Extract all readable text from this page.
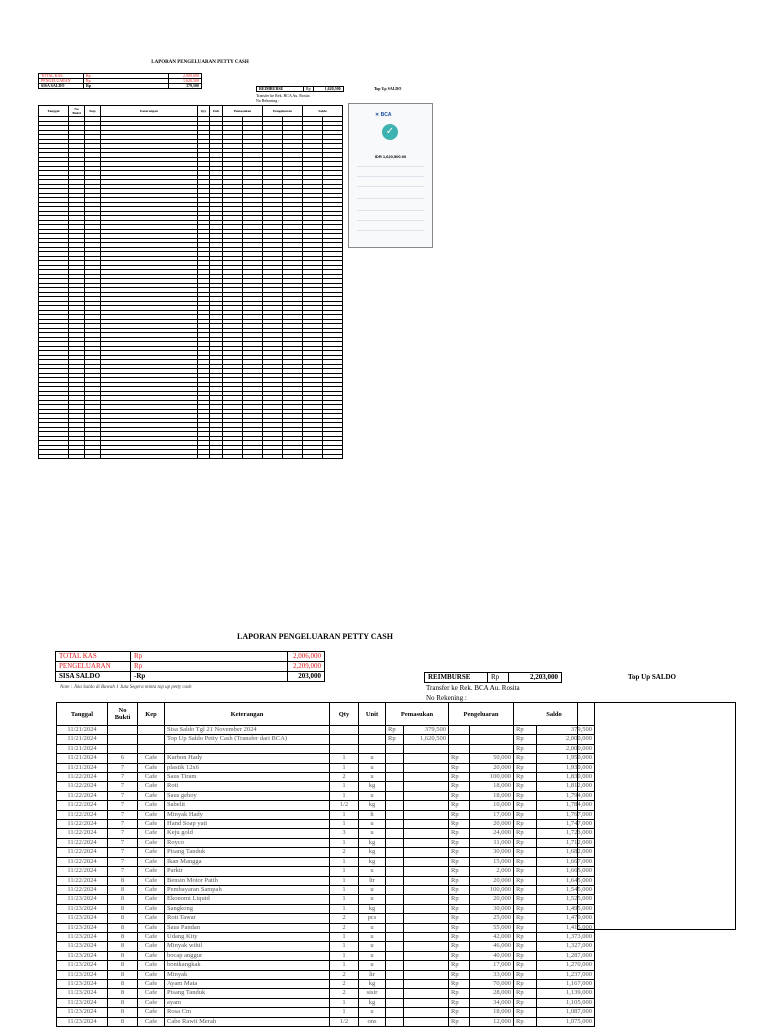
LAPORAN PENGELUARAN PETTY CASH
TOTAL KAS	Rp	2,000,000
PENGELUARAN	Rp	1,620,500
SISA SALDO	Rp	379,500
REIMBURSE	Rp	1,620,500	Top Up SALDO
Transfer ke Rek. BCA Au. Rosita
No Rekening :
Tanggal	No Bukti	Kep	Keterangan	Qty	Unit	Pemasukan		Pengeluaran		Saldo	

✕ BCA
✓
IDR 1,620,500.00
LAPORAN PENGELUARAN PETTY CASH
TOTAL KAS	Rp	2,006,000
PENGELUARAN	Rp	2,209,000
SISA SALDO	-Rp	203,000
Note : Jika Saldo di Bawah 1 Juta Segera minta top up petty cash
REIMBURSE	Rp	2,203,000	Top Up SALDO
Transfer ke Rek. BCA Au. Rosita
No Rekening :
Tanggal	No Bukti	Kep	Keterangan	Qty	Unit	Pemasukan		Pengeluaran		Saldo	
11/21/2024			Sisa Saldo Tgl 21 November 2024			Rp	379,500			Rp	379,500
11/21/2024			Top Up Saldo Petty Cash (Transfer dari BCA)			Rp	1,620,500			Rp	2,000,000
11/21/2024										Rp	2,000,000
11/21/2024	6	Cafe	Karbon Hady	1	u			Rp	50,000	Rp	1,950,000
11/21/2024	7	Cafe	plastik 12x6	1	u			Rp	20,000	Rp	1,930,000
11/22/2024	7	Cafe	Saus Tiram	2	u			Rp	100,000	Rp	1,830,000
11/22/2024	7	Cafe	Roti	1	kg			Rp	18,000	Rp	1,812,000
11/22/2024	7	Cafe	Saus gehoy	1	u			Rp	18,000	Rp	1,794,000
11/22/2024	7	Cafe	Sabelit	1/2	kg			Rp	10,000	Rp	1,784,000
11/22/2024	7	Cafe	Minyak Hady	1	lt			Rp	17,000	Rp	1,767,000
11/22/2024	7	Cafe	Hand Soap yati	1	u			Rp	20,000	Rp	1,747,000
11/22/2024	7	Cafe	Keju gold	3	u			Rp	24,000	Rp	1,723,000
11/22/2024	7	Cafe	Royco	1	kg			Rp	11,000	Rp	1,712,000
11/22/2024	7	Cafe	Pisang Tanduk	2	kg			Rp	30,000	Rp	1,682,000
11/22/2024	7	Cafe	Ikan Mangga	1	kg			Rp	15,000	Rp	1,667,000
11/22/2024	7	Cafe	Parkir	1	u			Rp	2,000	Rp	1,665,000
11/22/2024	8	Cafe	Bensin Motor Patih	1	ltr			Rp	20,000	Rp	1,645,000
11/22/2024	8	Cafe	Pembayaran Sampah	1	u			Rp	100,000	Rp	1,545,000
11/23/2024	8	Cafe	Ekonomi Liquid	1	u			Rp	20,000	Rp	1,525,000
11/23/2024	8	Cafe	Sangkong	1	kg			Rp	30,000	Rp	1,495,000
11/23/2024	8	Cafe	Roti Tawar	2	pcs			Rp	25,000	Rp	1,470,000
11/23/2024	8	Cafe	Saus Pandan	2	u			Rp	55,000	Rp	1,415,000
11/23/2024	8	Cafe	Udang Kity	1	u			Rp	42,000	Rp	1,373,000
11/23/2024	8	Cafe	Minyak wihil	1	u			Rp	46,000	Rp	1,327,000
11/23/2024	8	Cafe	bocap anggur	1	u			Rp	40,000	Rp	1,287,000
11/23/2024	8	Cafe	bontkangkak	1	u			Rp	17,000	Rp	1,270,000
11/23/2024	8	Cafe	Minyak	2	ltr			Rp	33,000	Rp	1,237,000
11/23/2024	8	Cafe	Ayam Mata	2	kg			Rp	70,000	Rp	1,167,000
11/23/2024	8	Cafe	Pisang Tanduk	2	sisir			Rp	28,000	Rp	1,139,000
11/23/2024	8	Cafe	ayam	1	kg			Rp	34,000	Rp	1,105,000
11/23/2024	8	Cafe	Rosa Cm	1	u			Rp	18,000	Rp	1,087,000
11/23/2024	8	Cafe	Cabe Rawit Merah	1/2	ons			Rp	12,000	Rp	1,075,000
